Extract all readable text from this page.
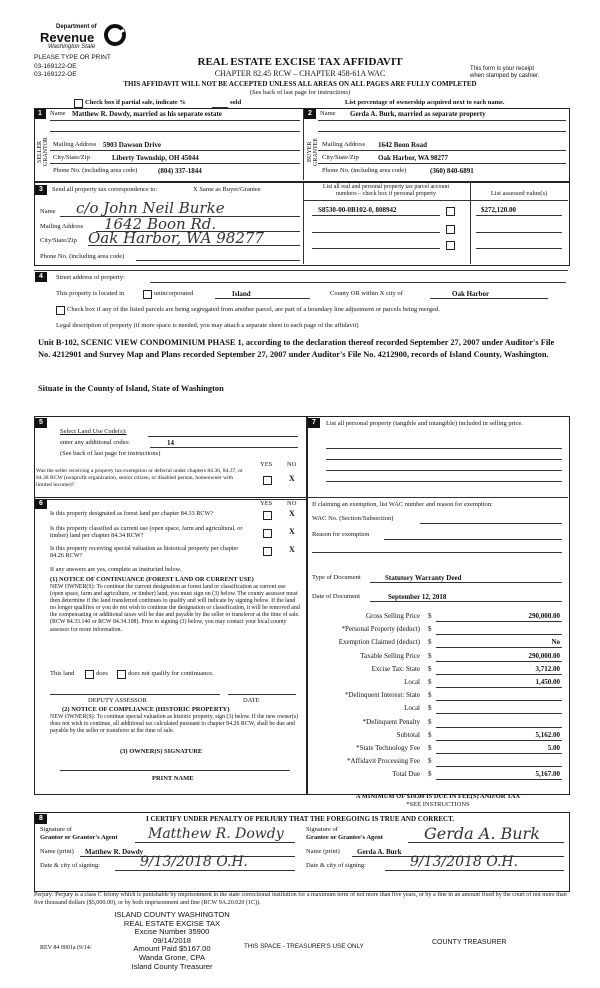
Department of
Revenue
Washington State
PLEASE TYPE OR PRINT
03-169122-OE
03-169122-OE
REAL ESTATE EXCISE TAX AFFIDAVIT
CHAPTER 82.45 RCW – CHAPTER 458-61A WAC	This form is your receipt
when stamped by cashier.
THIS AFFIDAVIT WILL NOT BE ACCEPTED UNLESS ALL AREAS ON ALL PAGES ARE FULLY COMPLETED
(See back of last page for instructions)
Check box if partial sale, indicate %	sold	List percentage of ownership acquired next to each name.
1	2
SELLER GRANTOR	BUYER GRANTEE
Name Matthew R. Dowdy, married as his separate estate
Mailing Address 5903 Dawson Drive
City/State/Zip	Liberty Township, OH 45044
Phone No. (including area code)	(804) 337-1844
Name Gerda A. Burk, married as separate property
Mailing Address 1642 Boon Road
City/State/Zip	Oak Harbor, WA 98277
Phone No. (including area code)	(360) 840-6891
3	Send all property tax correspondence to:	X Same as Buyer/Grantee
Name c/o John Neil Burke
Mailing Address 1642 Boon Rd.
City/State/Zip Oak Harbor, WA 98277
Phone No. (including area code)
List all real and personal property tax parcel account
numbers – check box if personal property	List assessed value(s)
S8530-00-0B102-0, 808942	$272,120.00
4	Street address of property:
This property is located in	unincorporated	Island	County OR within X city of	Oak Harbor
Check box if any of the listed parcels are being segregated from another parcel, are part of a boundary line adjustment or parcels being merged.
Legal description of property (if more space is needed, you may attach a separate sheet to each page of the affidavit)
Unit B-102, SCENIC VIEW CONDOMINIUM PHASE 1, according to the declaration thereof recorded September 27, 2007 under Auditor's File No. 4212901 and Survey Map and Plans recorded September 27, 2007 under Auditor's File No. 4212900, records of Island County, Washington.
Situate in the County of Island, State of Washington
5
Select Land Use Code(s):
enter any additional codes:	14
(See back of last page for instructions)
YES NO
Was the seller receiving a property tax exemption or deferral under chapters 84.36, 84.37, or 84.38 RCW (nonprofit organization, senior citizen, or disabled person, homeowner with limited income)?
X
6	YES NO
Is this property designated as forest land per chapter 84.33 RCW?	X
Is this property classified as current use (open space, farm and agricultural, or timber) land per chapter 84.34 RCW?	X
Is this property receiving special valuation as historical property per chapter 84.26 RCW?
X
If any answers are yes, complete as instructed below.
(1) NOTICE OF CONTINUANCE (FOREST LAND OR CURRENT USE)
NEW OWNER(S): To continue the current designation as forest land or classification as current use (open space, farm and agriculture, or timber) land, you must sign on (3) below. The county assessor must then determine if the land transferred continues to qualify and will indicate by signing below. If the land no longer qualifies or you do not wish to continue the designation or classification, it will be removed and the compensating or additional taxes will be due and payable by the seller or transferor at the time of sale. (RCW 84.33.140 or RCW 84.34.108). Prior to signing (3) below, you may contact your local county assessor for more information.
This land	does	does not qualify for continuance.
DEPUTY ASSESSOR	DATE
(2) NOTICE OF COMPLIANCE (HISTORIC PROPERTY)
NEW OWNER(S): To continue special valuation as historic property, sign (3) below. If the new owner(s) does not wish to continue, all additional tax calculated pursuant to chapter 84.26 RCW, shall be due and payable by the seller or transferor at the time of sale.
(3) OWNER(S) SIGNATURE
PRINT NAME
7	List all personal property (tangible and intangible) included in selling price.
If claiming an exemption, list WAC number and reason for exemption:
WAC No. (Section/Subsection)
Reason for exemption
Type of Document	Statutory Warranty Deed
Date of Document	September 12, 2018
Gross Selling Price $	290,000.00
*Personal Property (deduct) $
Exemption Claimed (deduct) $	No
Taxable Selling Price $	290,000.00
Excise Tax: State $	3,712.00
Local $	1,450.00
*Delinquent Interest: State $
Local $
*Delinquent Penalty $
Subtotal $	5,162.00
*State Technology Fee $	5.00
*Affidavit Processing Fee $
Total Due $	5,167.00
A MINIMUM OF $10.00 IS DUE IN FEE(S) AND/OR TAX
*SEE INSTRUCTIONS
8	I CERTIFY UNDER PENALTY OF PERJURY THAT THE FOREGOING IS TRUE AND CORRECT.
Signature of
Grantor or Grantor's Agent Matthew R. Dowdy
Name (print) Matthew R. Dowdy
Date & city of signing:	9/13/2018 O.H.
Signature of
Grantee or Grantee's Agent	Gerda A. Burk
Name (print) Gerda A. Burk
Date & city of signing:	9/13/2018 O.H.
Perjury: Perjury is a class C felony which is punishable by imprisonment in the state correctional institution for a maximum term of not more than five years, or by a fine in an amount fixed by the court of not more than five thousand dollars ($5,000.00), or by both imprisonment and fine (RCW 9A.20.020 (1C)).
ISLAND COUNTY WASHINGTON
REAL ESTATE EXCISE TAX
Excise Number 35900
09/14/2018
Amount Paid $5167.00
Wanda Grone, CPA
Island County Treasurer
REV 84 0001a (9/14/	THIS SPACE - TREASURER'S USE ONLY
COUNTY TREASURER
